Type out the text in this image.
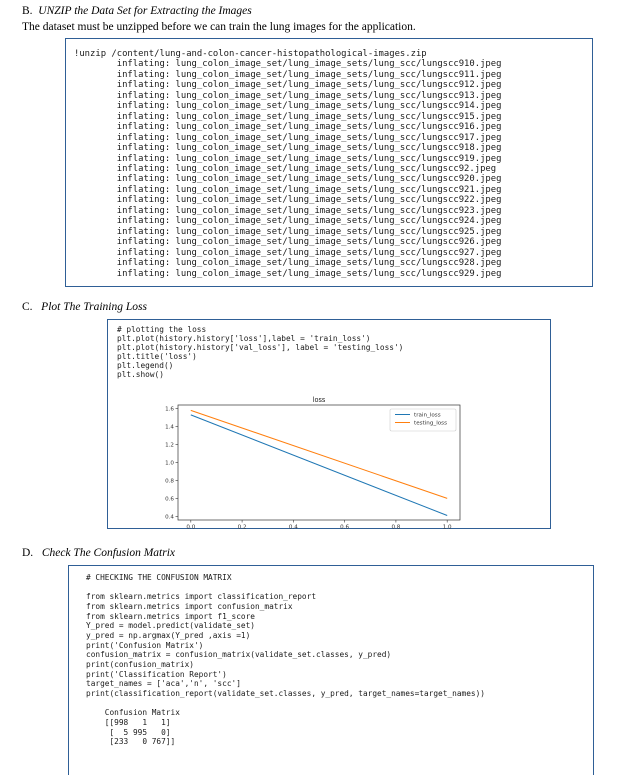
B. UNZIP the Data Set for Extracting the Images
The dataset must be unzipped before we can train the lung images for the application.
!unzip /content/lung-and-colon-cancer-histopathological-images.zip
inflating: lung_colon_image_set/lung_image_sets/lung_scc/lungscc910.jpeg
inflating: lung_colon_image_set/lung_image_sets/lung_scc/lungscc911.jpeg
inflating: lung_colon_image_set/lung_image_sets/lung_scc/lungscc912.jpeg
inflating: lung_colon_image_set/lung_image_sets/lung_scc/lungscc913.jpeg
inflating: lung_colon_image_set/lung_image_sets/lung_scc/lungscc914.jpeg
inflating: lung_colon_image_set/lung_image_sets/lung_scc/lungscc915.jpeg
inflating: lung_colon_image_set/lung_image_sets/lung_scc/lungscc916.jpeg
inflating: lung_colon_image_set/lung_image_sets/lung_scc/lungscc917.jpeg
inflating: lung_colon_image_set/lung_image_sets/lung_scc/lungscc918.jpeg
inflating: lung_colon_image_set/lung_image_sets/lung_scc/lungscc919.jpeg
inflating: lung_colon_image_set/lung_image_sets/lung_scc/lungscc92.jpeg
inflating: lung_colon_image_set/lung_image_sets/lung_scc/lungscc920.jpeg
inflating: lung_colon_image_set/lung_image_sets/lung_scc/lungscc921.jpeg
inflating: lung_colon_image_set/lung_image_sets/lung_scc/lungscc922.jpeg
inflating: lung_colon_image_set/lung_image_sets/lung_scc/lungscc923.jpeg
inflating: lung_colon_image_set/lung_image_sets/lung_scc/lungscc924.jpeg
inflating: lung_colon_image_set/lung_image_sets/lung_scc/lungscc925.jpeg
inflating: lung_colon_image_set/lung_image_sets/lung_scc/lungscc926.jpeg
inflating: lung_colon_image_set/lung_image_sets/lung_scc/lungscc927.jpeg
inflating: lung_colon_image_set/lung_image_sets/lung_scc/lungscc928.jpeg
inflating: lung_colon_image_set/lung_image_sets/lung_scc/lungscc929.jpeg
C. Plot The Training Loss
# plotting the loss
plt.plot(history.history['loss'],label = 'train_loss')
plt.plot(history.history['val_loss'], label = 'testing_loss')
plt.title('loss')
plt.legend()
plt.show()
loss
0.0	0.2	0.4	0.6	0.8	1.0
0.4
0.6
0.8
1.0
1.2
1.4
1.6
train_loss
testing_loss
D. Check The Confusion Matrix
# CHECKING THE CONFUSION MATRIX

from sklearn.metrics import classification_report
from sklearn.metrics import confusion_matrix
from sklearn.metrics import f1_score
Y_pred = model.predict(validate_set)
y_pred = np.argmax(Y_pred ,axis =1)
print('Confusion Matrix')
confusion_matrix = confusion_matrix(validate_set.classes, y_pred)
print(confusion_matrix)
print('Classification Report')
target_names = ['aca','n', 'scc']
print(classification_report(validate_set.classes, y_pred, target_names=target_names))

Confusion Matrix
[[998   1   1]
[  5 995   0]
[233   0 767]]
